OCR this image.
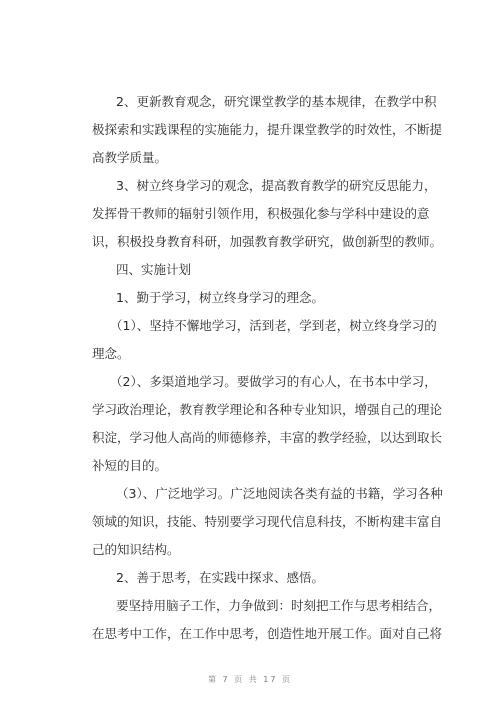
2、更新教育观念，研究课堂教学的基本规律，在教学中积
极探索和实践课程的实施能力，提升课堂教学的时效性，不断提
高教学质量。
3、树立终身学习的观念，提高教育教学的研究反思能力，
发挥骨干教师的辐射引领作用，积极强化参与学科中建设的意
识，积极投身教育科研，加强教育教学研究，做创新型的教师。
四、实施计划
1、勤于学习，树立终身学习的理念。
（1）、坚持不懈地学习，活到老，学到老，树立终身学习的
理念。
（2）、多渠道地学习。要做学习的有心人，在书本中学习，
学习政治理论，教育教学理论和各种专业知识，增强自己的理论
积淀，学习他人高尚的师德修养，丰富的教学经验，以达到取长
补短的目的。
（3）、广泛地学习。广泛地阅读各类有益的书籍，学习各种
领域的知识，技能、特别要学习现代信息科技，不断构建丰富自
己的知识结构。
2、善于思考，在实践中探求、感悟。
要坚持用脑子工作，力争做到：时刻把工作与思考相结合，
在思考中工作，在工作中思考，创造性地开展工作。面对自己将
第 7 页 共 17 页
